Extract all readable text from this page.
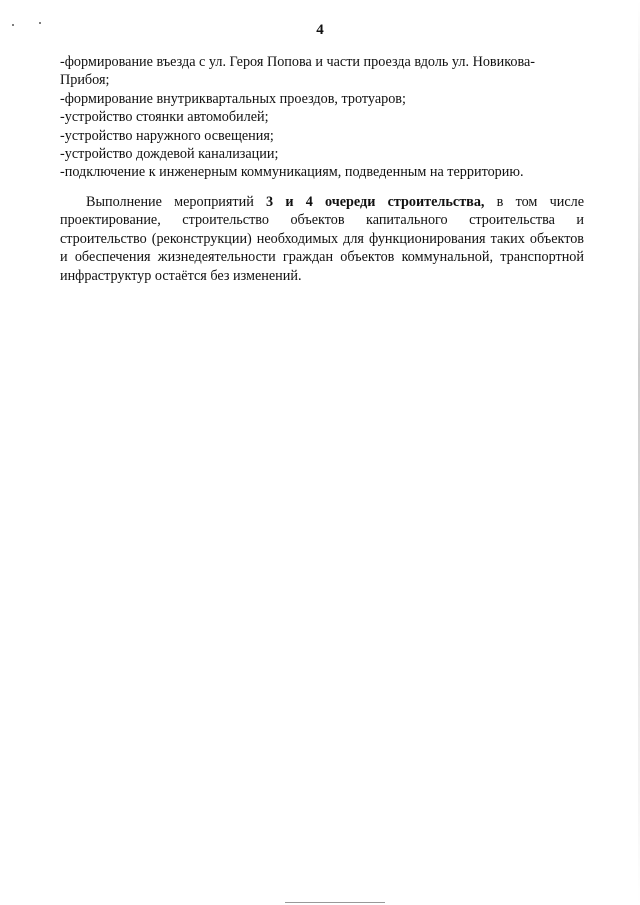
4

-формирование въезда с ул. Героя Попова и части проезда вдоль ул. Новикова-Прибоя;

-формирование внутриквартальных проездов, тротуаров;

-устройство стоянки автомобилей;

-устройство наружного освещения;

-устройство дождевой канализации;

-подключение к инженерным коммуникациям, подведенным на территорию.

Выполнение мероприятий 3 и 4 очереди строительства, в том числе проектирование, строительство объектов капитального строительства и строительство (реконструкции) необходимых для функционирования таких объектов и обеспечения жизнедеятельности граждан объектов коммунальной, транспортной инфраструктур остаётся без изменений.
